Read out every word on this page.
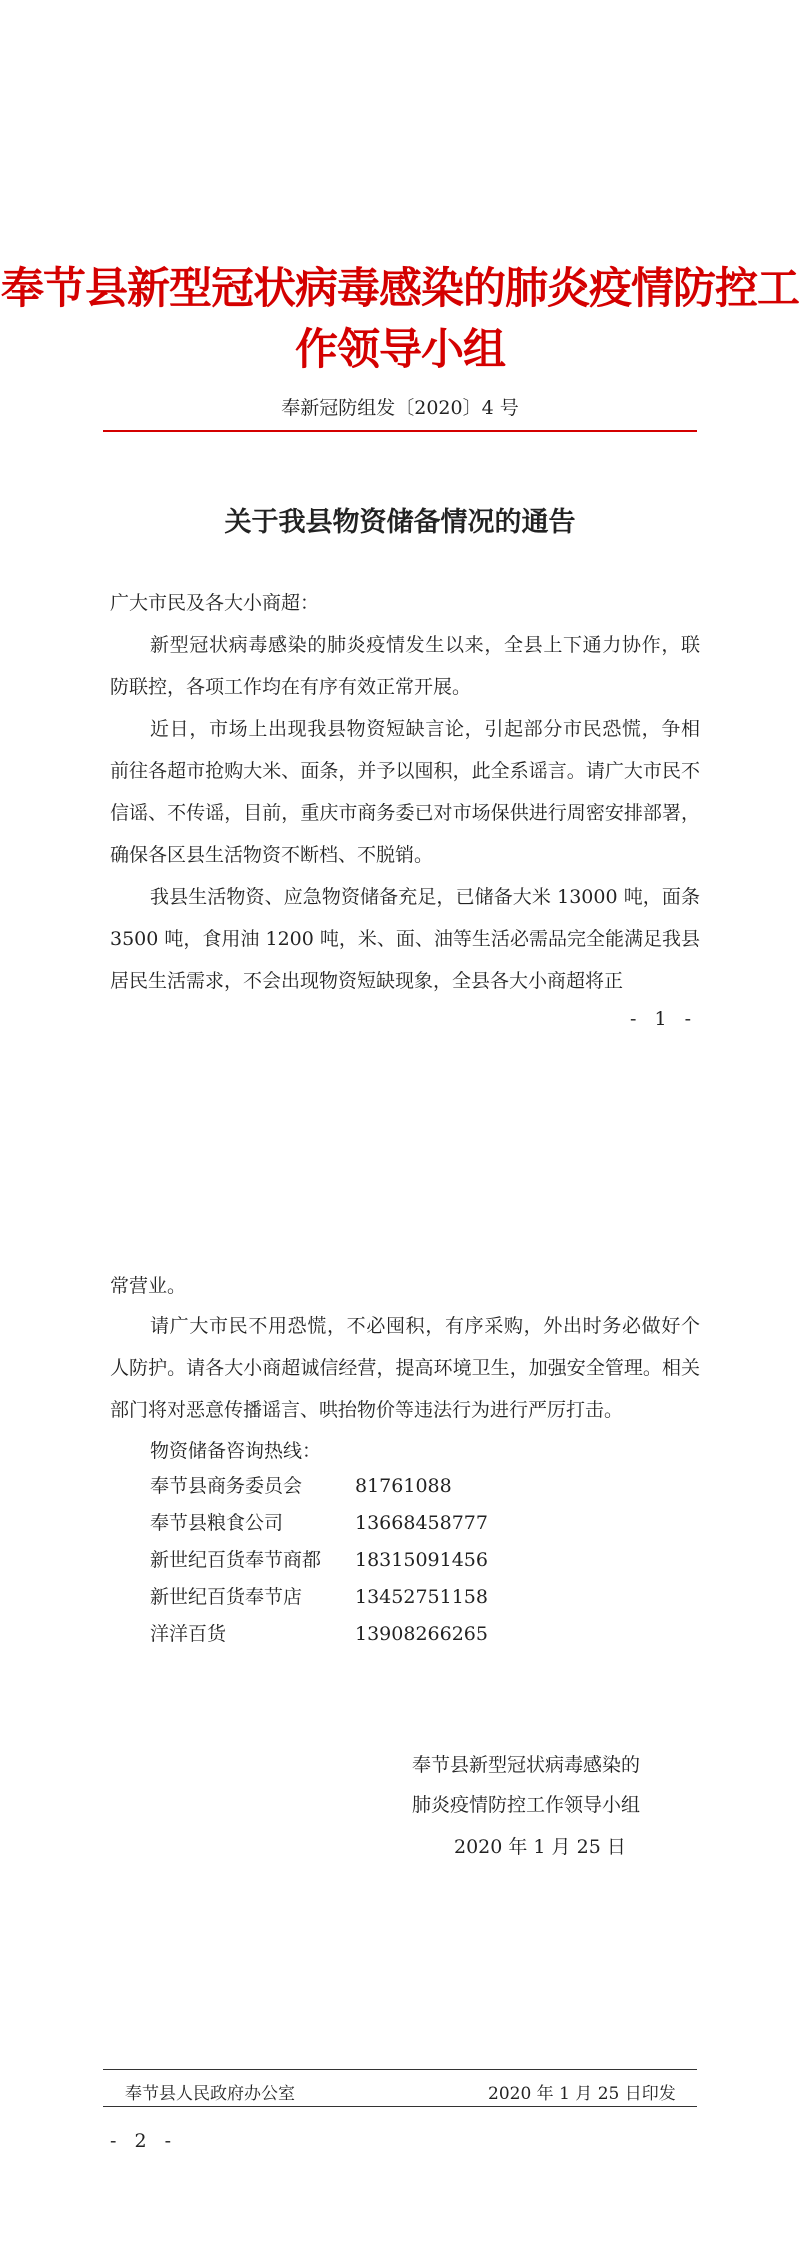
奉节县新型冠状病毒感染的肺炎疫情防控工作领导小组
奉新冠防组发〔2020〕4 号
关于我县物资储备情况的通告
广大市民及各大小商超：
新型冠状病毒感染的肺炎疫情发生以来，全县上下通力协作，联防联控，各项工作均在有序有效正常开展。
近日，市场上出现我县物资短缺言论，引起部分市民恐慌，争相前往各超市抢购大米、面条，并予以囤积，此全系谣言。请广大市民不信谣、不传谣，目前，重庆市商务委已对市场保供进行周密安排部署，确保各区县生活物资不断档、不脱销。
我县生活物资、应急物资储备充足，已储备大米 13000 吨，面条 3500 吨，食用油 1200 吨，米、面、油等生活必需品完全能满足我县居民生活需求，不会出现物资短缺现象，全县各大小商超将正
- 1 -
常营业。
请广大市民不用恐慌，不必囤积，有序采购，外出时务必做好个人防护。请各大小商超诚信经营，提高环境卫生，加强安全管理。相关部门将对恶意传播谣言、哄抬物价等违法行为进行严厉打击。
物资储备咨询热线：
奉节县商务委员会	81761088
奉节县粮食公司	13668458777
新世纪百货奉节商都 18315091456
新世纪百货奉节店	13452751158
洋洋百货	13908266265
奉节县新型冠状病毒感染的
肺炎疫情防控工作领导小组
2020 年 1 月 25 日
奉节县人民政府办公室	2020 年 1 月 25 日印发
- 2 -
